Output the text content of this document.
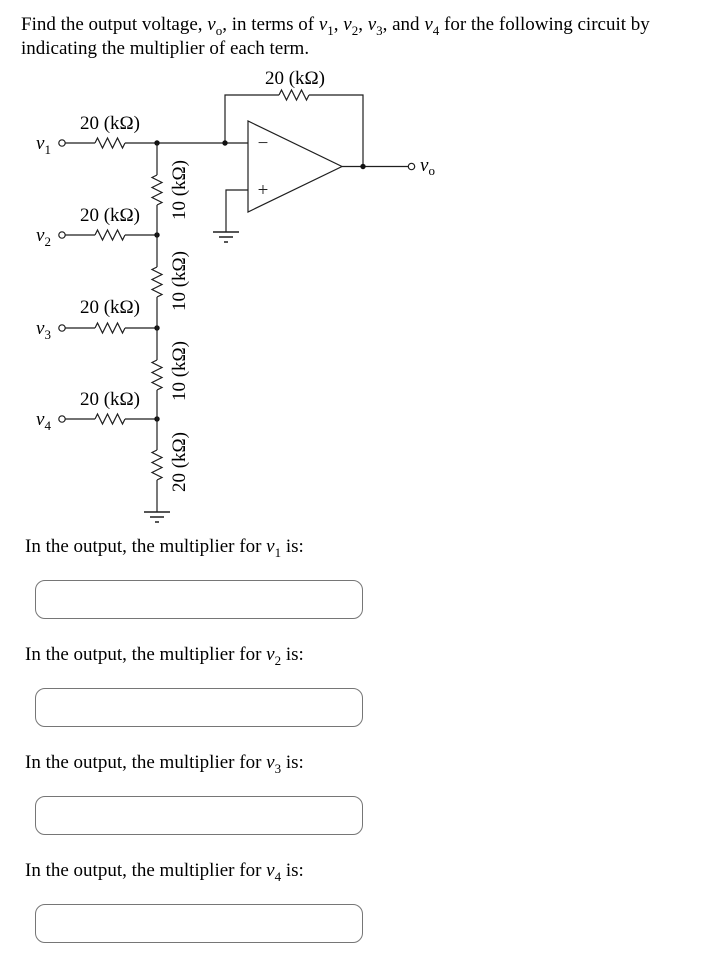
Find the output voltage, $v_o$, in terms of $v_1$, $v_2$, $v_3$, and $v_4$ for the following circuit by indicating the multiplier of each term.

20 (kΩ)
20 (kΩ)
$v_1$
20 (kΩ)
$v_2$
20 (kΩ)
$v_3$
20 (kΩ)
$v_4$
10 (kΩ)
10 (kΩ)
10 (kΩ)
20 (kΩ)
−
+
$v_o$

In the output, the multiplier for $v_1$ is:

In the output, the multiplier for $v_2$ is:

In the output, the multiplier for $v_3$ is:

In the output, the multiplier for $v_4$ is:
